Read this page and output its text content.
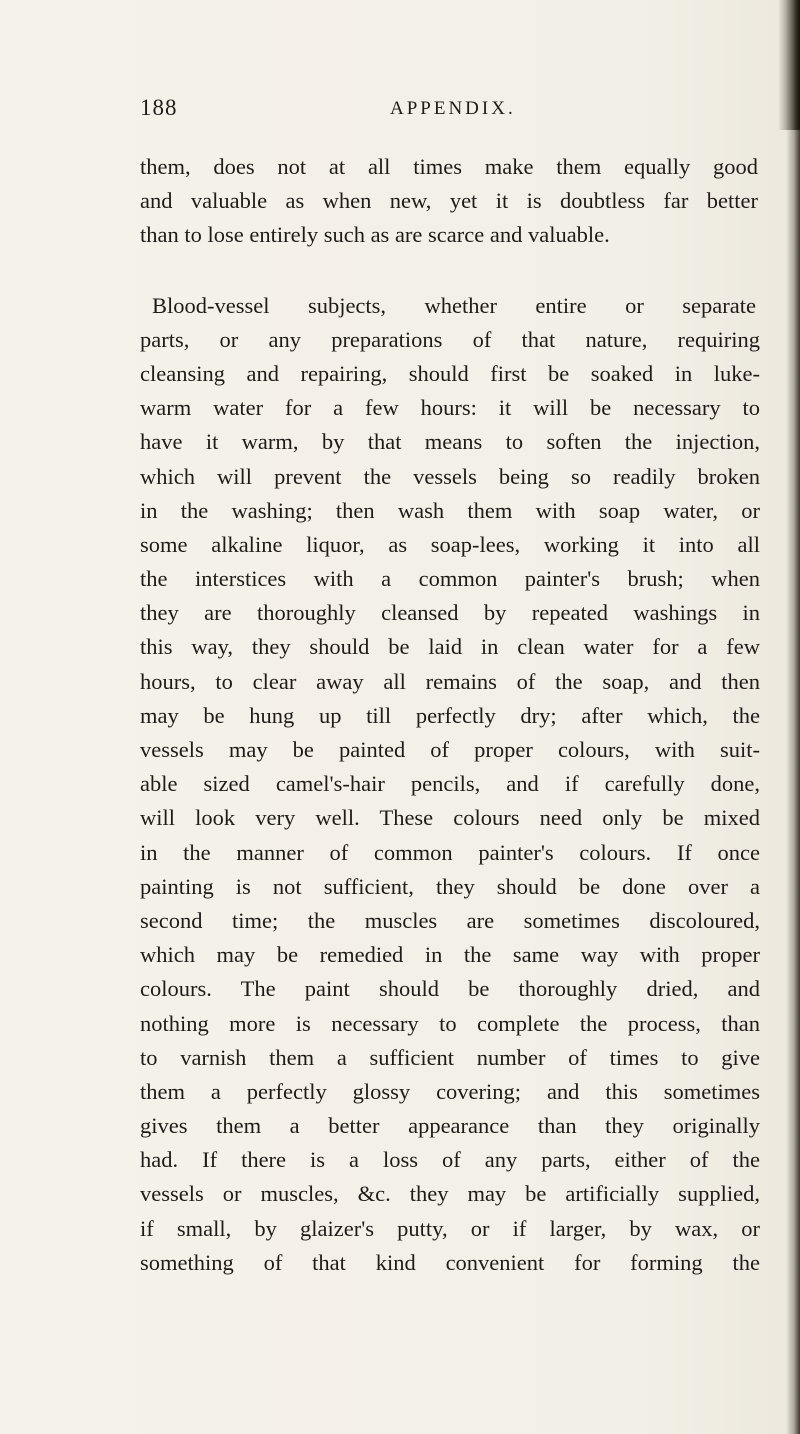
188	APPENDIX.
them, does not at all times make them equally good
and valuable as when new, yet it is doubtless far better
than to lose entirely such as are scarce and valuable.
Blood-vessel subjects, whether entire or separate
parts, or any preparations of that nature, requiring
cleansing and repairing, should first be soaked in luke-
warm water for a few hours: it will be necessary to
have it warm, by that means to soften the injection,
which will prevent the vessels being so readily broken
in the washing; then wash them with soap water, or
some alkaline liquor, as soap-lees, working it into all
the interstices with a common painter's brush; when
they are thoroughly cleansed by repeated washings in
this way, they should be laid in clean water for a few
hours, to clear away all remains of the soap, and then
may be hung up till perfectly dry; after which, the
vessels may be painted of proper colours, with suit-
able sized camel's-hair pencils, and if carefully done,
will look very well. These colours need only be mixed
in the manner of common painter's colours. If once
painting is not sufficient, they should be done over a
second time; the muscles are sometimes discoloured,
which may be remedied in the same way with proper
colours. The paint should be thoroughly dried, and
nothing more is necessary to complete the process, than
to varnish them a sufficient number of times to give
them a perfectly glossy covering; and this sometimes
gives them a better appearance than they originally
had. If there is a loss of any parts, either of the
vessels or muscles, &c. they may be artificially supplied,
if small, by glaizer's putty, or if larger, by wax, or
something of that kind convenient for forming the
